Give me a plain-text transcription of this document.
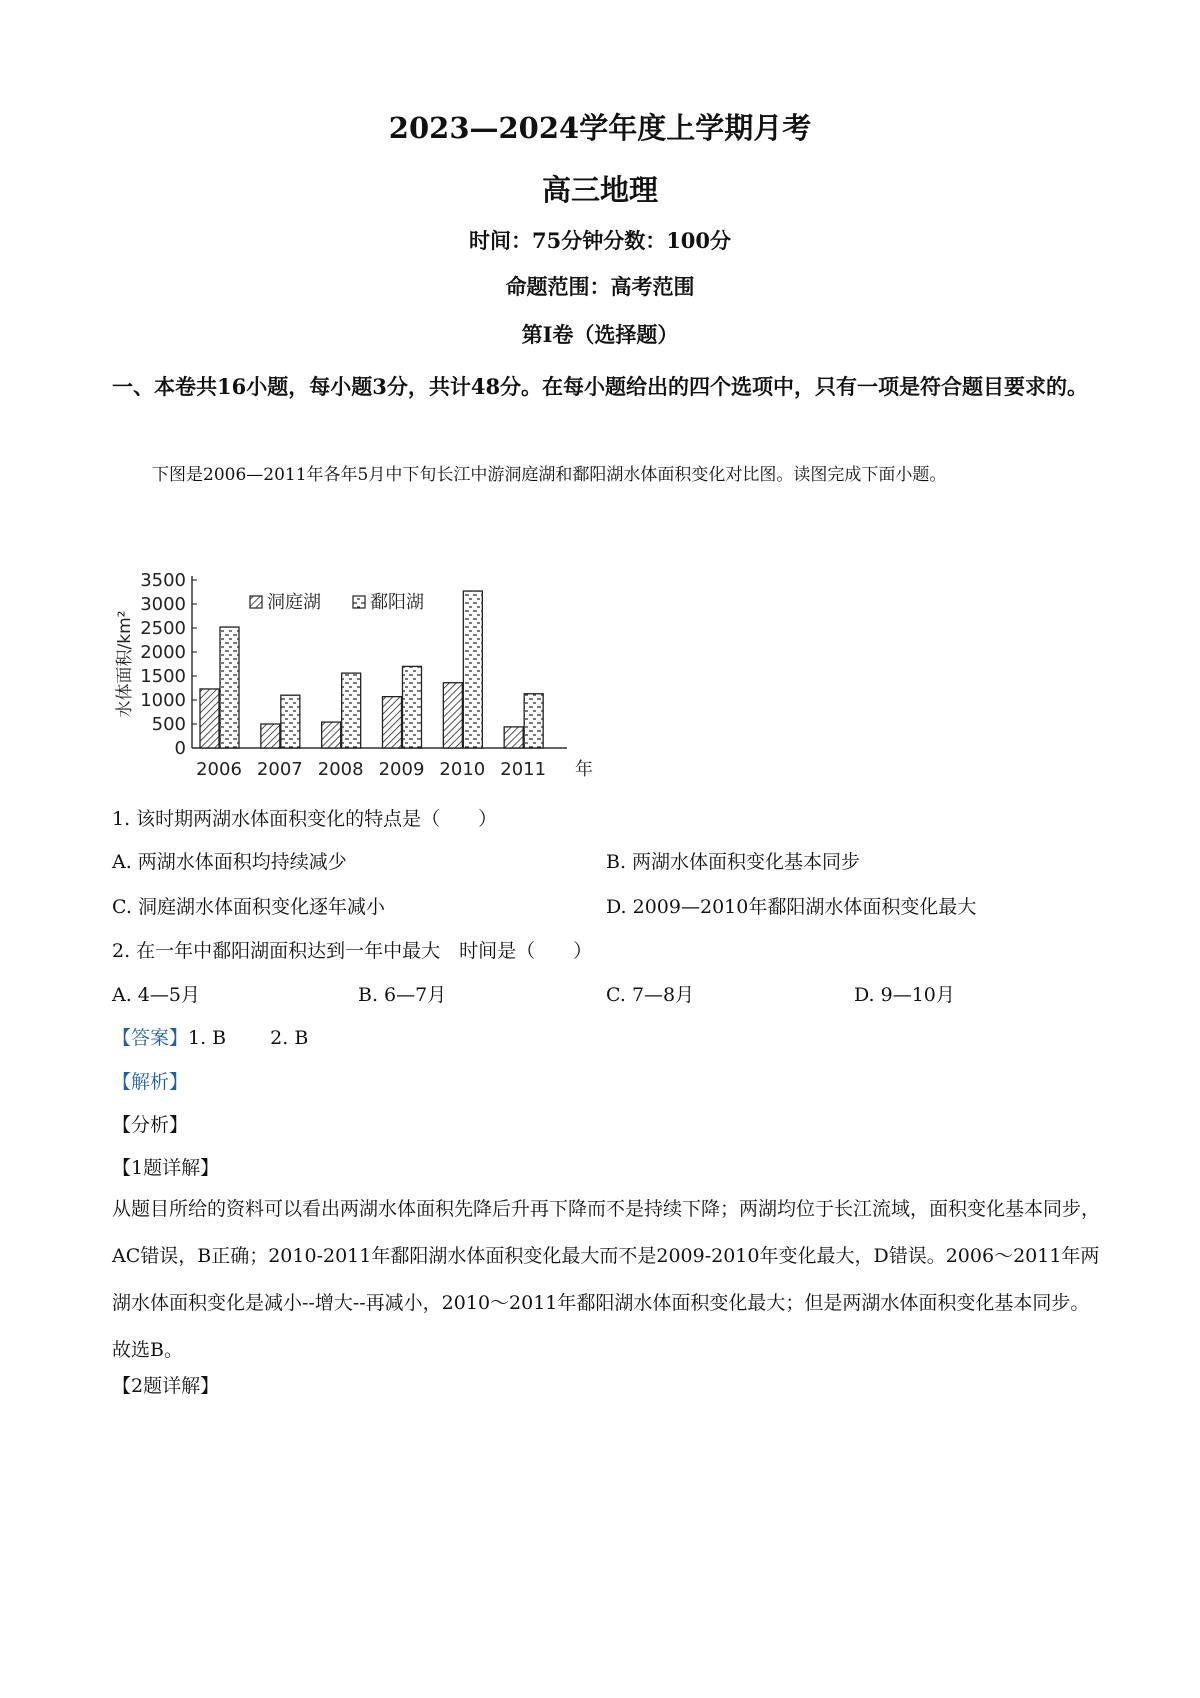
2023—2024学年度上学期月考
高三地理
时间：75分钟分数：100分
命题范围：高考范围
第Ⅰ卷（选择题）
一、本卷共16小题，每小题3分，共计48分。在每小题给出的四个选项中，只有一项是符合题目要求的。
下图是2006—2011年各年5月中下旬长江中游洞庭湖和鄱阳湖水体面积变化对比图。读图完成下面小题。
0
500
1000
1500
2000
2500
3000
3500
水体面积/km²
2006 2007 2008 2009 2010 2011 年
洞庭湖	鄱阳湖
1. 该时期两湖水体面积变化的特点是（　　）
A. 两湖水体面积均持续减少	B. 两湖水体面积变化基本同步
C. 洞庭湖水体面积变化逐年减小	D. 2009—2010年鄱阳湖水体面积变化最大
2. 在一年中鄱阳湖面积达到一年中最大　时间是（　　）
A. 4—5月	B. 6—7月	C. 7—8月	D. 9—10月
【答案】1. B　　 2. B
【解析】
【分析】
【1题详解】
从题目所给的资料可以看出两湖水体面积先降后升再下降而不是持续下降；两湖均位于长江流域，面积变化基本同步，AC错误，B正确；2010-2011年鄱阳湖水体面积变化最大而不是2009-2010年变化最大，D错误。2006～2011年两湖水体面积变化是减小--增大--再减小，2010～2011年鄱阳湖水体面积变化最大；但是两湖水体面积变化基本同步。故选B。
【2题详解】
